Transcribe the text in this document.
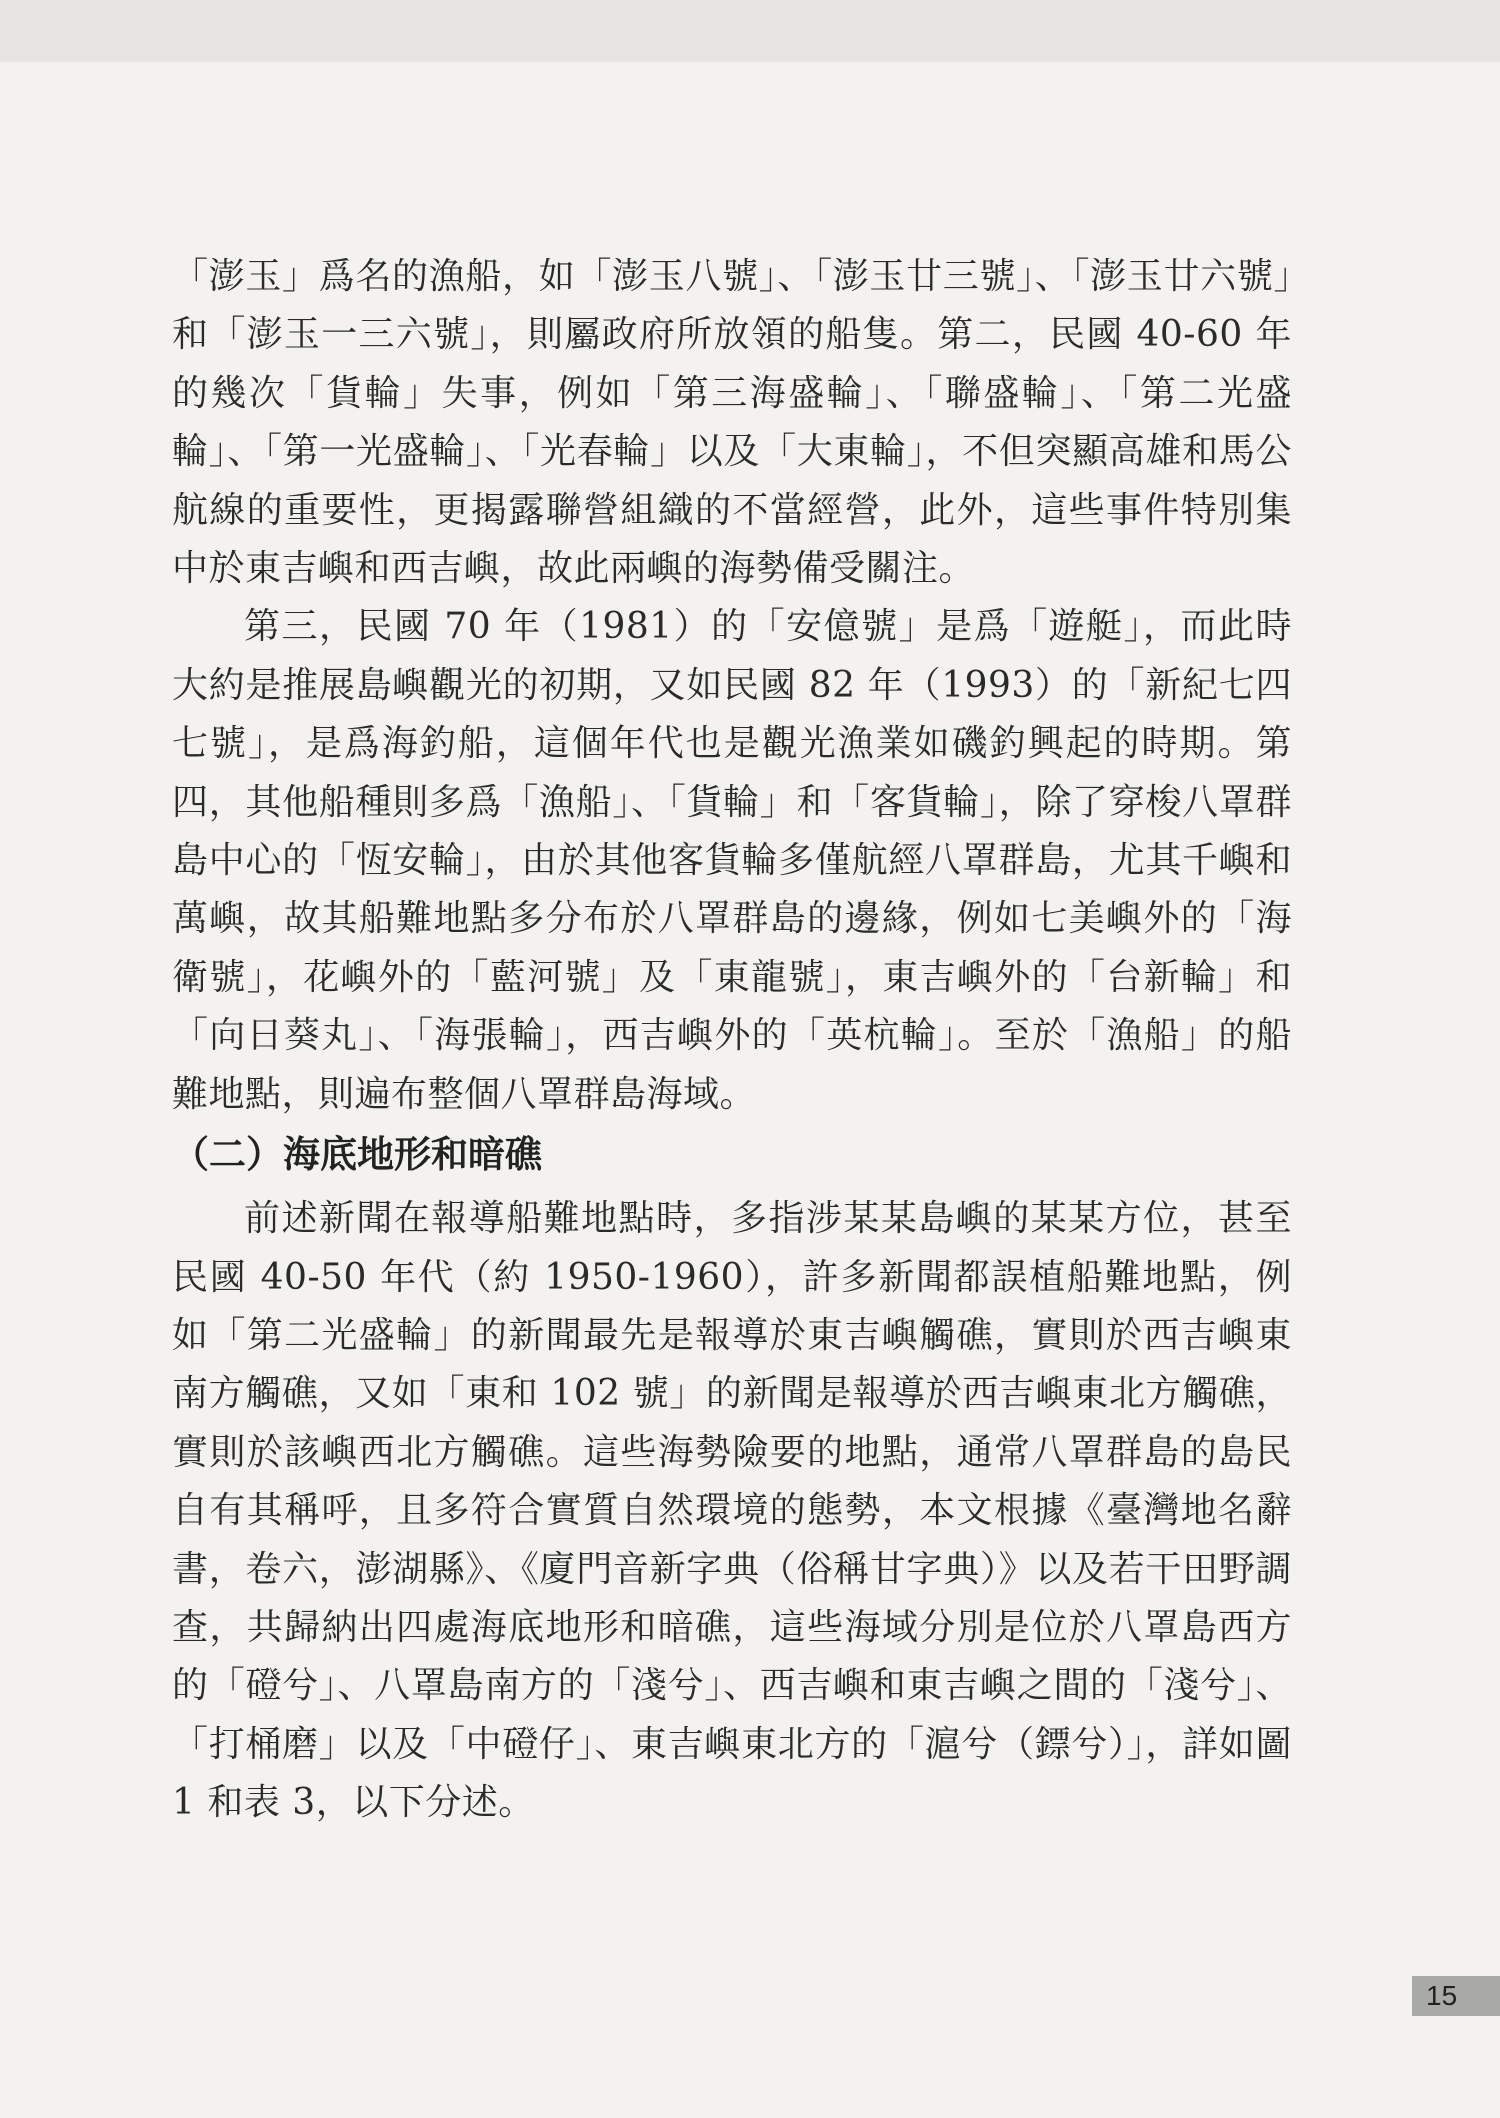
「澎玉」爲名的漁船，如「澎玉八號」、「澎玉廿三號」、「澎玉廿六號」和「澎玉一三六號」，則屬政府所放領的船隻。第二，民國 40-60 年的幾次「貨輪」失事，例如「第三海盛輪」、「聯盛輪」、「第二光盛輪」、「第一光盛輪」、「光春輪」以及「大東輪」，不但突顯高雄和馬公航線的重要性，更揭露聯營組織的不當經營，此外，這些事件特別集中於東吉嶼和西吉嶼，故此兩嶼的海勢備受關注。

第三，民國 70 年（1981）的「安億號」是爲「遊艇」，而此時大約是推展島嶼觀光的初期，又如民國 82 年（1993）的「新紀七四七號」，是爲海釣船，這個年代也是觀光漁業如磯釣興起的時期。第四，其他船種則多爲「漁船」、「貨輪」和「客貨輪」，除了穿梭八罩群島中心的「恆安輪」，由於其他客貨輪多僅航經八罩群島，尤其千嶼和萬嶼，故其船難地點多分布於八罩群島的邊緣，例如七美嶼外的「海衛號」，花嶼外的「藍河號」及「東龍號」，東吉嶼外的「台新輪」和「向日葵丸」、「海張輪」，西吉嶼外的「英杭輪」。至於「漁船」的船難地點，則遍布整個八罩群島海域。

（二）海底地形和暗礁

前述新聞在報導船難地點時，多指涉某某島嶼的某某方位，甚至民國 40-50 年代（約 1950-1960），許多新聞都誤植船難地點，例如「第二光盛輪」的新聞最先是報導於東吉嶼觸礁，實則於西吉嶼東南方觸礁，又如「東和 102 號」的新聞是報導於西吉嶼東北方觸礁，實則於該嶼西北方觸礁。這些海勢險要的地點，通常八罩群島的島民自有其稱呼，且多符合實質自然環境的態勢，本文根據《臺灣地名辭書，卷六，澎湖縣》、《廈門音新字典（俗稱甘字典）》以及若干田野調查，共歸納出四處海底地形和暗礁，這些海域分別是位於八罩島西方的「磴兮」、八罩島南方的「淺兮」、西吉嶼和東吉嶼之間的「淺兮」、「打桶磨」以及「中磴仔」、東吉嶼東北方的「滬兮（鏢兮）」，詳如圖 1 和表 3，以下分述。

15
